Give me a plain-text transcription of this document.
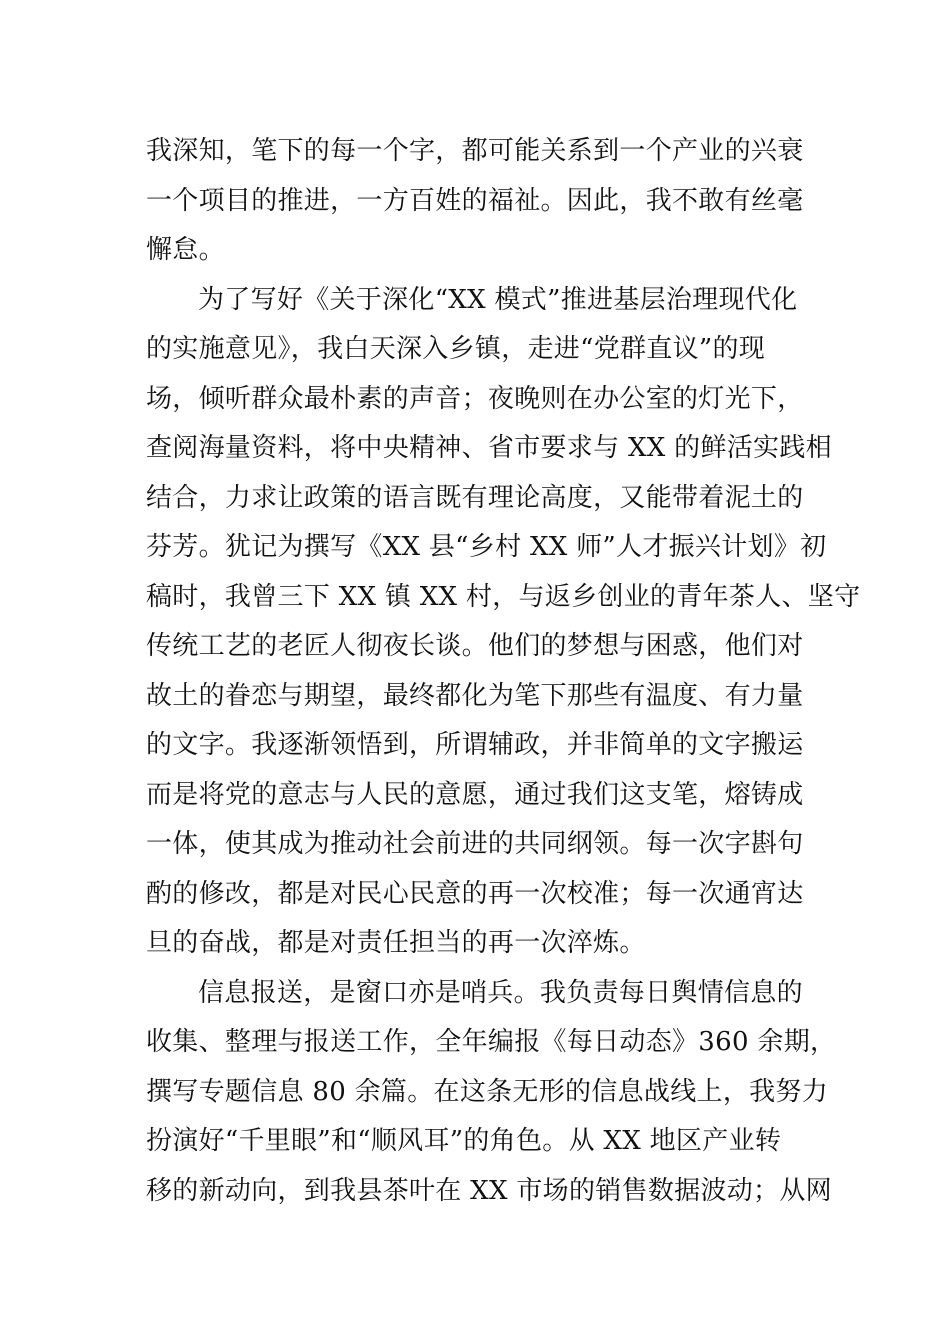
我深知，笔下的每一个字，都可能关系到一个产业的兴衰
一个项目的推进，一方百姓的福祉。因此，我不敢有丝毫
懈怠。
为了写好《关于深化“XX 模式”推进基层治理现代化
的实施意见》，我白天深入乡镇，走进“党群直议”的现
场，倾听群众最朴素的声音；夜晚则在办公室的灯光下，
查阅海量资料，将中央精神、省市要求与 XX 的鲜活实践相
结合，力求让政策的语言既有理论高度，又能带着泥土的
芬芳。犹记为撰写《XX 县“乡村 XX 师”人才振兴计划》初
稿时，我曾三下 XX 镇 XX 村，与返乡创业的青年茶人、坚守
传统工艺的老匠人彻夜长谈。他们的梦想与困惑，他们对
故土的眷恋与期望，最终都化为笔下那些有温度、有力量
的文字。我逐渐领悟到，所谓辅政，并非简单的文字搬运
而是将党的意志与人民的意愿，通过我们这支笔，熔铸成
一体，使其成为推动社会前进的共同纲领。每一次字斟句
酌的修改，都是对民心民意的再一次校准；每一次通宵达
旦的奋战，都是对责任担当的再一次淬炼。
信息报送，是窗口亦是哨兵。我负责每日舆情信息的
收集、整理与报送工作，全年编报《每日动态》360 余期，
撰写专题信息 80 余篇。在这条无形的信息战线上，我努力
扮演好“千里眼”和“顺风耳”的角色。从 XX 地区产业转
移的新动向，到我县茶叶在 XX 市场的销售数据波动；从网
